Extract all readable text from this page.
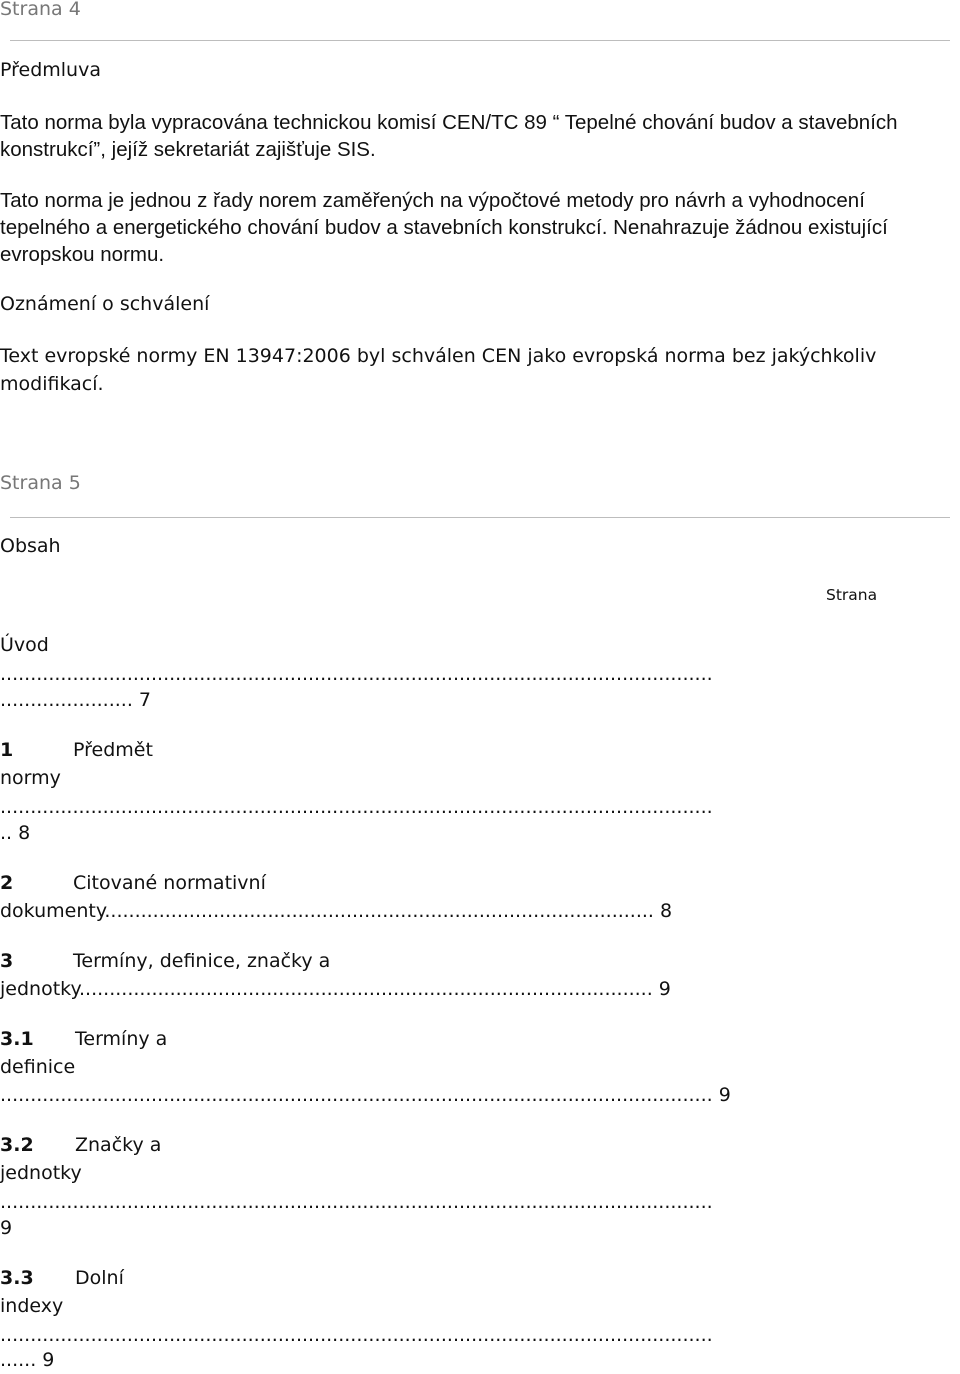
Strana 4
Předmluva
Tato norma byla vypracována technickou komisí CEN/TC 89 “ Tepelné chování budov a stavebních
konstrukcí”, jejíž sekretariát zajišťuje SIS.
Tato norma je jednou z řady norem zaměřených na výpočtové metody pro návrh a vyhodnocení
tepelného a energetického chování budov a stavebních konstrukcí. Nenahrazuje žádnou existující
evropskou normu.
Oznámení o schválení
Text evropské normy EN 13947:2006 byl schválen CEN jako evropská norma bez jakýchkoliv
modifikací.
Strana 5
Obsah
Strana
Úvod
......................................................................................................................
...................... 7
1	Předmět
normy
......................................................................................................................
.. 8
2	Citované normativní
dokumenty........................................................................................... 8
3	Termíny, definice, značky a
jednotky............................................................................................... 9
3.1 Termíny a
definice
...................................................................................................................... 9
3.2 Značky a
jednotky
......................................................................................................................
9
3.3 Dolní
indexy
......................................................................................................................
...... 9
